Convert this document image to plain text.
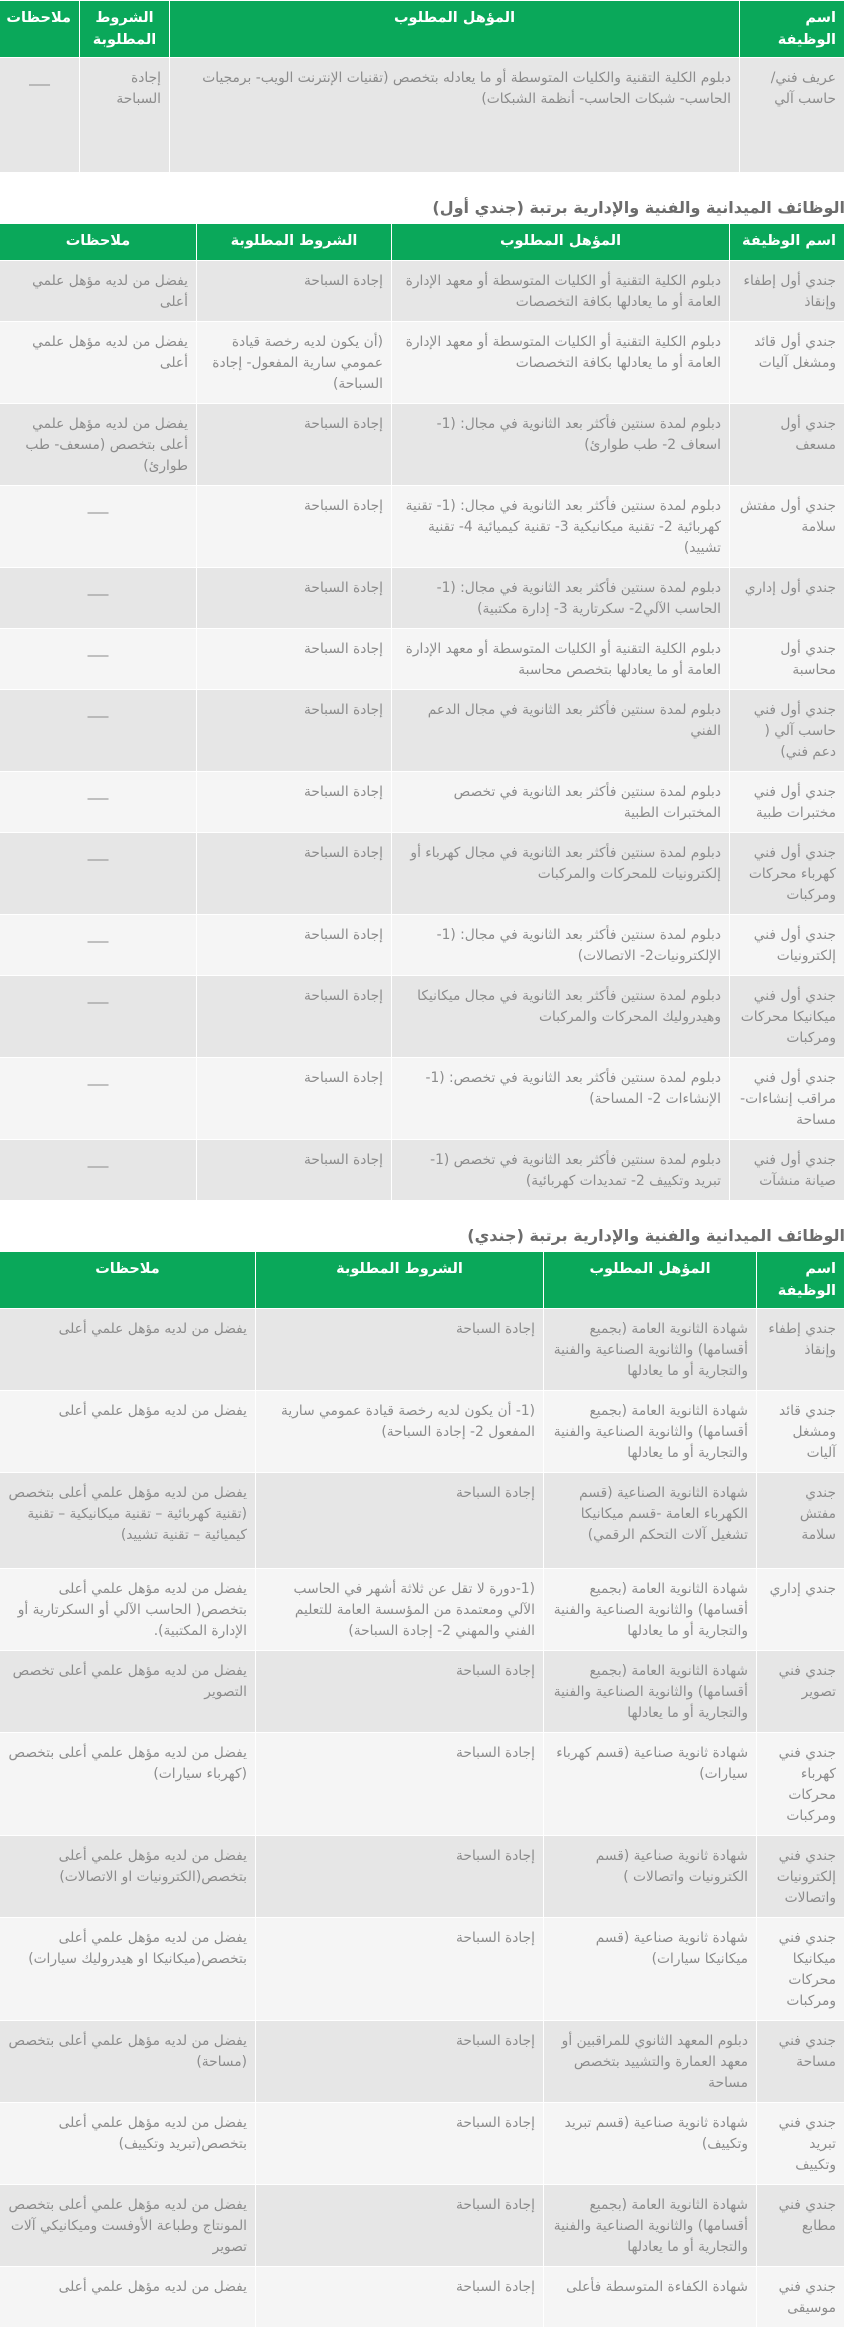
اسم الوظيفة	المؤهل المطلوب	الشروط المطلوبة	ملاحظات
عريف فني/ حاسب آلي	دبلوم الكلية التقنية والكليات المتوسطة أو ما يعادله بتخصص (تقنيات الإنترنت الويب- برمجيات الحاسب- شبكات الحاسب- أنظمة الشبكات)	إجادة السباحة	___
الوظائف الميدانية والفنية والإدارية برتبة (جندي أول)
اسم الوظيفة	المؤهل المطلوب	الشروط المطلوبة	ملاحظات
جندي أول إطفاء وإنقاذ	دبلوم الكلية التقنية أو الكليات المتوسطة أو معهد الإدارة العامة أو ما يعادلها بكافة التخصصات	إجادة السباحة	يفضل من لديه مؤهل علمي أعلى
جندي أول قائد ومشغل آليات	دبلوم الكلية التقنية أو الكليات المتوسطة أو معهد الإدارة العامة أو ما يعادلها بكافة التخصصات	(أن يكون لديه رخصة قيادة عمومي سارية المفعول- إجادة السباحة)	يفضل من لديه مؤهل علمي أعلى
جندي أول مسعف	دبلوم لمدة سنتين فأكثر بعد الثانوية في مجال: (1- اسعاف 2- طب طوارئ)	إجادة السباحة	يفضل من لديه مؤهل علمي أعلى بتخصص (مسعف- طب طوارئ)
جندي أول مفتش سلامة	دبلوم لمدة سنتين فأكثر بعد الثانوية في مجال: (1- تقنية كهربائية 2- تقنية ميكانيكية 3- تقنية كيميائية 4- تقنية تشييد)	إجادة السباحة	___
جندي أول إداري	دبلوم لمدة سنتين فأكثر بعد الثانوية في مجال: (1- الحاسب الآلي2- سكرتارية 3- إدارة مكتبية)	إجادة السباحة	___
جندي أول محاسبة	دبلوم الكلية التقنية أو الكليات المتوسطة أو معهد الإدارة العامة أو ما يعادلها بتخصص محاسبة	إجادة السباحة	___
جندي أول فني حاسب آلي ( دعم فني)	دبلوم لمدة سنتين فأكثر بعد الثانوية في مجال الدعم الفني	إجادة السباحة	___
جندي أول فني مختبرات طبية	دبلوم لمدة سنتين فأكثر بعد الثانوية في تخصص المختبرات الطبية	إجادة السباحة	___
جندي أول فني كهرباء محركات ومركبات	دبلوم لمدة سنتين فأكثر بعد الثانوية في مجال كهرباء أو إلكترونيات للمحركات والمركبات	إجادة السباحة	___
جندي أول فني إلكترونيات	دبلوم لمدة سنتين فأكثر بعد الثانوية في مجال: (1- الإلكترونيات2- الاتصالات)	إجادة السباحة	___
جندي أول فني ميكانيكا محركات ومركبات	دبلوم لمدة سنتين فأكثر بعد الثانوية في مجال ميكانيكا وهيدروليك المحركات والمركبات	إجادة السباحة	___
جندي أول فني مراقب إنشاءات- مساحة	دبلوم لمدة سنتين فأكثر بعد الثانوية في تخصص: (1- الإنشاءات 2- المساحة)	إجادة السباحة	___
جندي أول فني صيانة منشآت	دبلوم لمدة سنتين فأكثر بعد الثانوية في تخصص (1- تبريد وتكييف 2- تمديدات كهربائية)	إجادة السباحة	___
الوظائف الميدانية والفنية والإدارية برتبة (جندي)
اسم الوظيفة	المؤهل المطلوب	الشروط المطلوبة	ملاحظات
جندي إطفاء وإنقاذ	شهادة الثانوية العامة (بجميع أقسامها) والثانوية الصناعية والفنية والتجارية أو ما يعادلها	إجادة السباحة	يفضل من لديه مؤهل علمي أعلى
جندي قائد ومشغل آليات	شهادة الثانوية العامة (بجميع أقسامها) والثانوية الصناعية والفنية والتجارية أو ما يعادلها	(1- أن يكون لديه رخصة قيادة عمومي سارية المفعول 2- إجادة السباحة)	يفضل من لديه مؤهل علمي أعلى
جندي مفتش سلامة	شهادة الثانوية الصناعية (قسم الكهرباء العامة -قسم ميكانيكا تشغيل آلات التحكم الرقمي)	إجادة السباحة	يفضل من لديه مؤهل علمي أعلى بتخصص (تقنية كهربائية – تقنية ميكانيكية – تقنية كيميائية – تقنية تشييد)
جندي إداري	شهادة الثانوية العامة (بجميع أقسامها) والثانوية الصناعية والفنية والتجارية أو ما يعادلها	(1-دورة لا تقل عن ثلاثة أشهر في الحاسب الآلي ومعتمدة من المؤسسة العامة للتعليم الفني والمهني 2- إجادة السباحة)	يفضل من لديه مؤهل علمي أعلى بتخصص( الحاسب الآلي أو السكرتارية أو الإدارة المكتبية).
جندي فني تصوير	شهادة الثانوية العامة (بجميع أقسامها) والثانوية الصناعية والفنية والتجارية أو ما يعادلها	إجادة السباحة	يفضل من لديه مؤهل علمي أعلى تخصص التصوير
جندي فني كهرباء محركات ومركبات	شهادة ثانوية صناعية (قسم كهرباء سيارات)	إجادة السباحة	يفضل من لديه مؤهل علمي أعلى بتخصص (كهرباء سيارات)
جندي فني إلكترونيات واتصالات	شهادة ثانوية صناعية (قسم الكترونيات واتصالات )	إجادة السباحة	يفضل من لديه مؤهل علمي أعلى بتخصص(الكترونيات او الاتصالات)
جندي فني ميكانيكا محركات ومركبات	شهادة ثانوية صناعية (قسم ميكانيكا سيارات)	إجادة السباحة	يفضل من لديه مؤهل علمي أعلى بتخصص(ميكانيكا او هيدروليك سيارات)
جندي فني مساحة	دبلوم المعهد الثانوي للمراقبين أو معهد العمارة والتشييد بتخصص مساحة	إجادة السباحة	يفضل من لديه مؤهل علمي أعلى بتخصص (مساحة)
جندي فني تبريد وتكييف	شهادة ثانوية صناعية (قسم تبريد وتكييف)	إجادة السباحة	يفضل من لديه مؤهل علمي أعلى بتخصص(تبريد وتكييف)
جندي فني مطابع	شهادة الثانوية العامة (بجميع أقسامها) والثانوية الصناعية والفنية والتجارية أو ما يعادلها	إجادة السباحة	يفضل من لديه مؤهل علمي أعلى بتخصص المونتاج وطباعة الأوفست وميكانيكي آلات تصوير
جندي فني موسيقى	شهادة الكفاءة المتوسطة فأعلى	إجادة السباحة	يفضل من لديه مؤهل علمي أعلى
